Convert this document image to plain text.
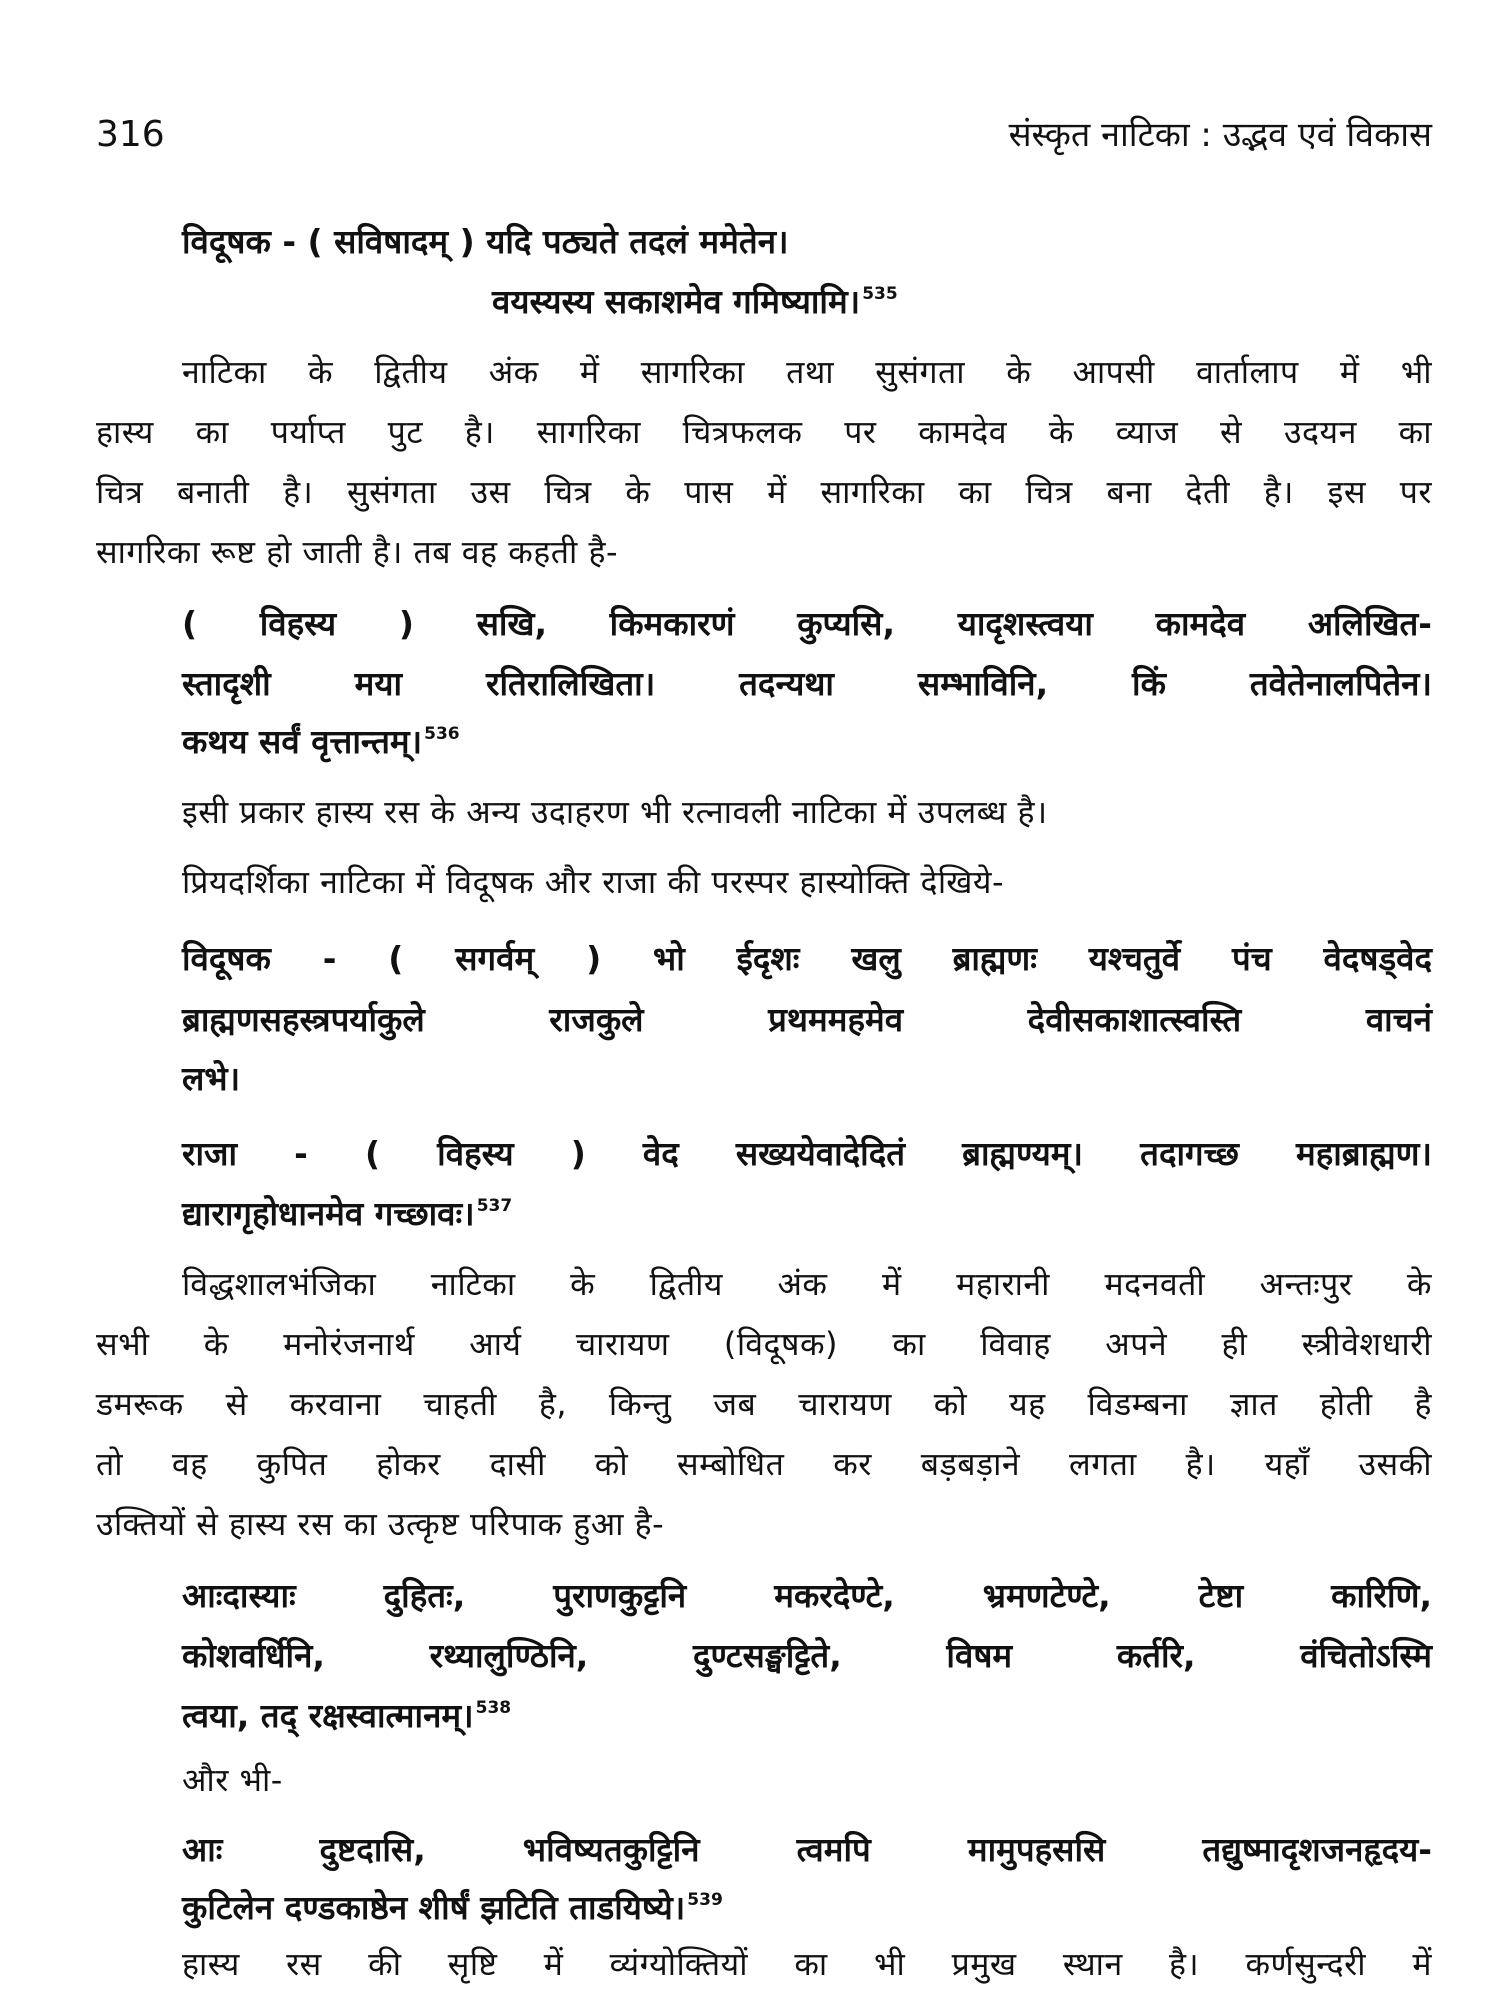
316	संस्कृत नाटिका : उद्भव एवं विकास
विदूषक - ( सविषादम् ) यदि पठ्यते तदलं ममेतेन।
वयस्यस्य सकाशमेव गमिष्यामि। $^{535}$
नाटिका के द्वितीय अंक में सागरिका तथा सुसंगता के आपसी वार्तालाप में भी
हास्य का पर्याप्त पुट है। सागरिका चित्रफलक पर कामदेव के व्याज से उदयन का
चित्र बनाती है। सुसंगता उस चित्र के पास में सागरिका का चित्र बना देती है। इस पर
सागरिका रूष्ट हो जाती है। तब वह कहती है-
( विहस्य ) सखि, किमकारणं कुप्यसि, यादृशस्त्वया कामदेव अलिखित-
स्तादृशी मया रतिरालिखिता। तदन्यथा सम्भाविनि, किं तवेतेनालपितेन।
कथय सर्वं वृत्तान्तम्। $^{536}$
इसी प्रकार हास्य रस के अन्य उदाहरण भी रत्नावली नाटिका में उपलब्ध है।
प्रियदर्शिका नाटिका में विदूषक और राजा की परस्पर हास्योक्ति देखिये-
विदूषक - ( सगर्वम् ) भो ईदृशः खलु ब्राह्मणः यश्चतुर्वे पंच वेदषड्वेद
ब्राह्मणसहस्त्रपर्याकुले राजकुले प्रथममहमेव देवीसकाशात्स्वस्ति वाचनं
लभे।
राजा - ( विहस्य ) वेद सख्ययेवादेदितं ब्राह्मण्यम्। तदागच्छ महाब्राह्मण।
द्यारागृहोधानमेव गच्छावः। $^{537}$
विद्धशालभंजिका नाटिका के द्वितीय अंक में महारानी मदनवती अन्तःपुर के
सभी के मनोरंजनार्थ आर्य चारायण (विदूषक) का विवाह अपने ही स्त्रीवेशधारी
डमरूक से करवाना चाहती है, किन्तु जब चारायण को यह विडम्बना ज्ञात होती है
तो वह कुपित होकर दासी को सम्बोधित कर बड़बड़ाने लगता है। यहाँ उसकी
उक्तियों से हास्य रस का उत्कृष्ट परिपाक हुआ है-
आःदास्याः दुहितः, पुराणकुट्टनि मकरदेण्टे, भ्रमणटेण्टे, टेष्टा कारिणि,
कोशवर्धिनि, रथ्यालुण्ठिनि, दुण्टसङ्घट्टिते, विषम कर्तरि, वंचितोऽस्मि
त्वया, तद् रक्षस्वात्मानम्। $^{538}$
और भी-
आः दुष्टदासि, भविष्यतकुट्टिनि त्वमपि मामुपहससि तद्युष्मादृशजनहृदय-
कुटिलेन दण्डकाष्ठेन शीर्षं झटिति ताडयिष्ये। $^{539}$
हास्य रस की सृष्टि में व्यंग्योक्तियों का भी प्रमुख स्थान है। कर्णसुन्दरी में
